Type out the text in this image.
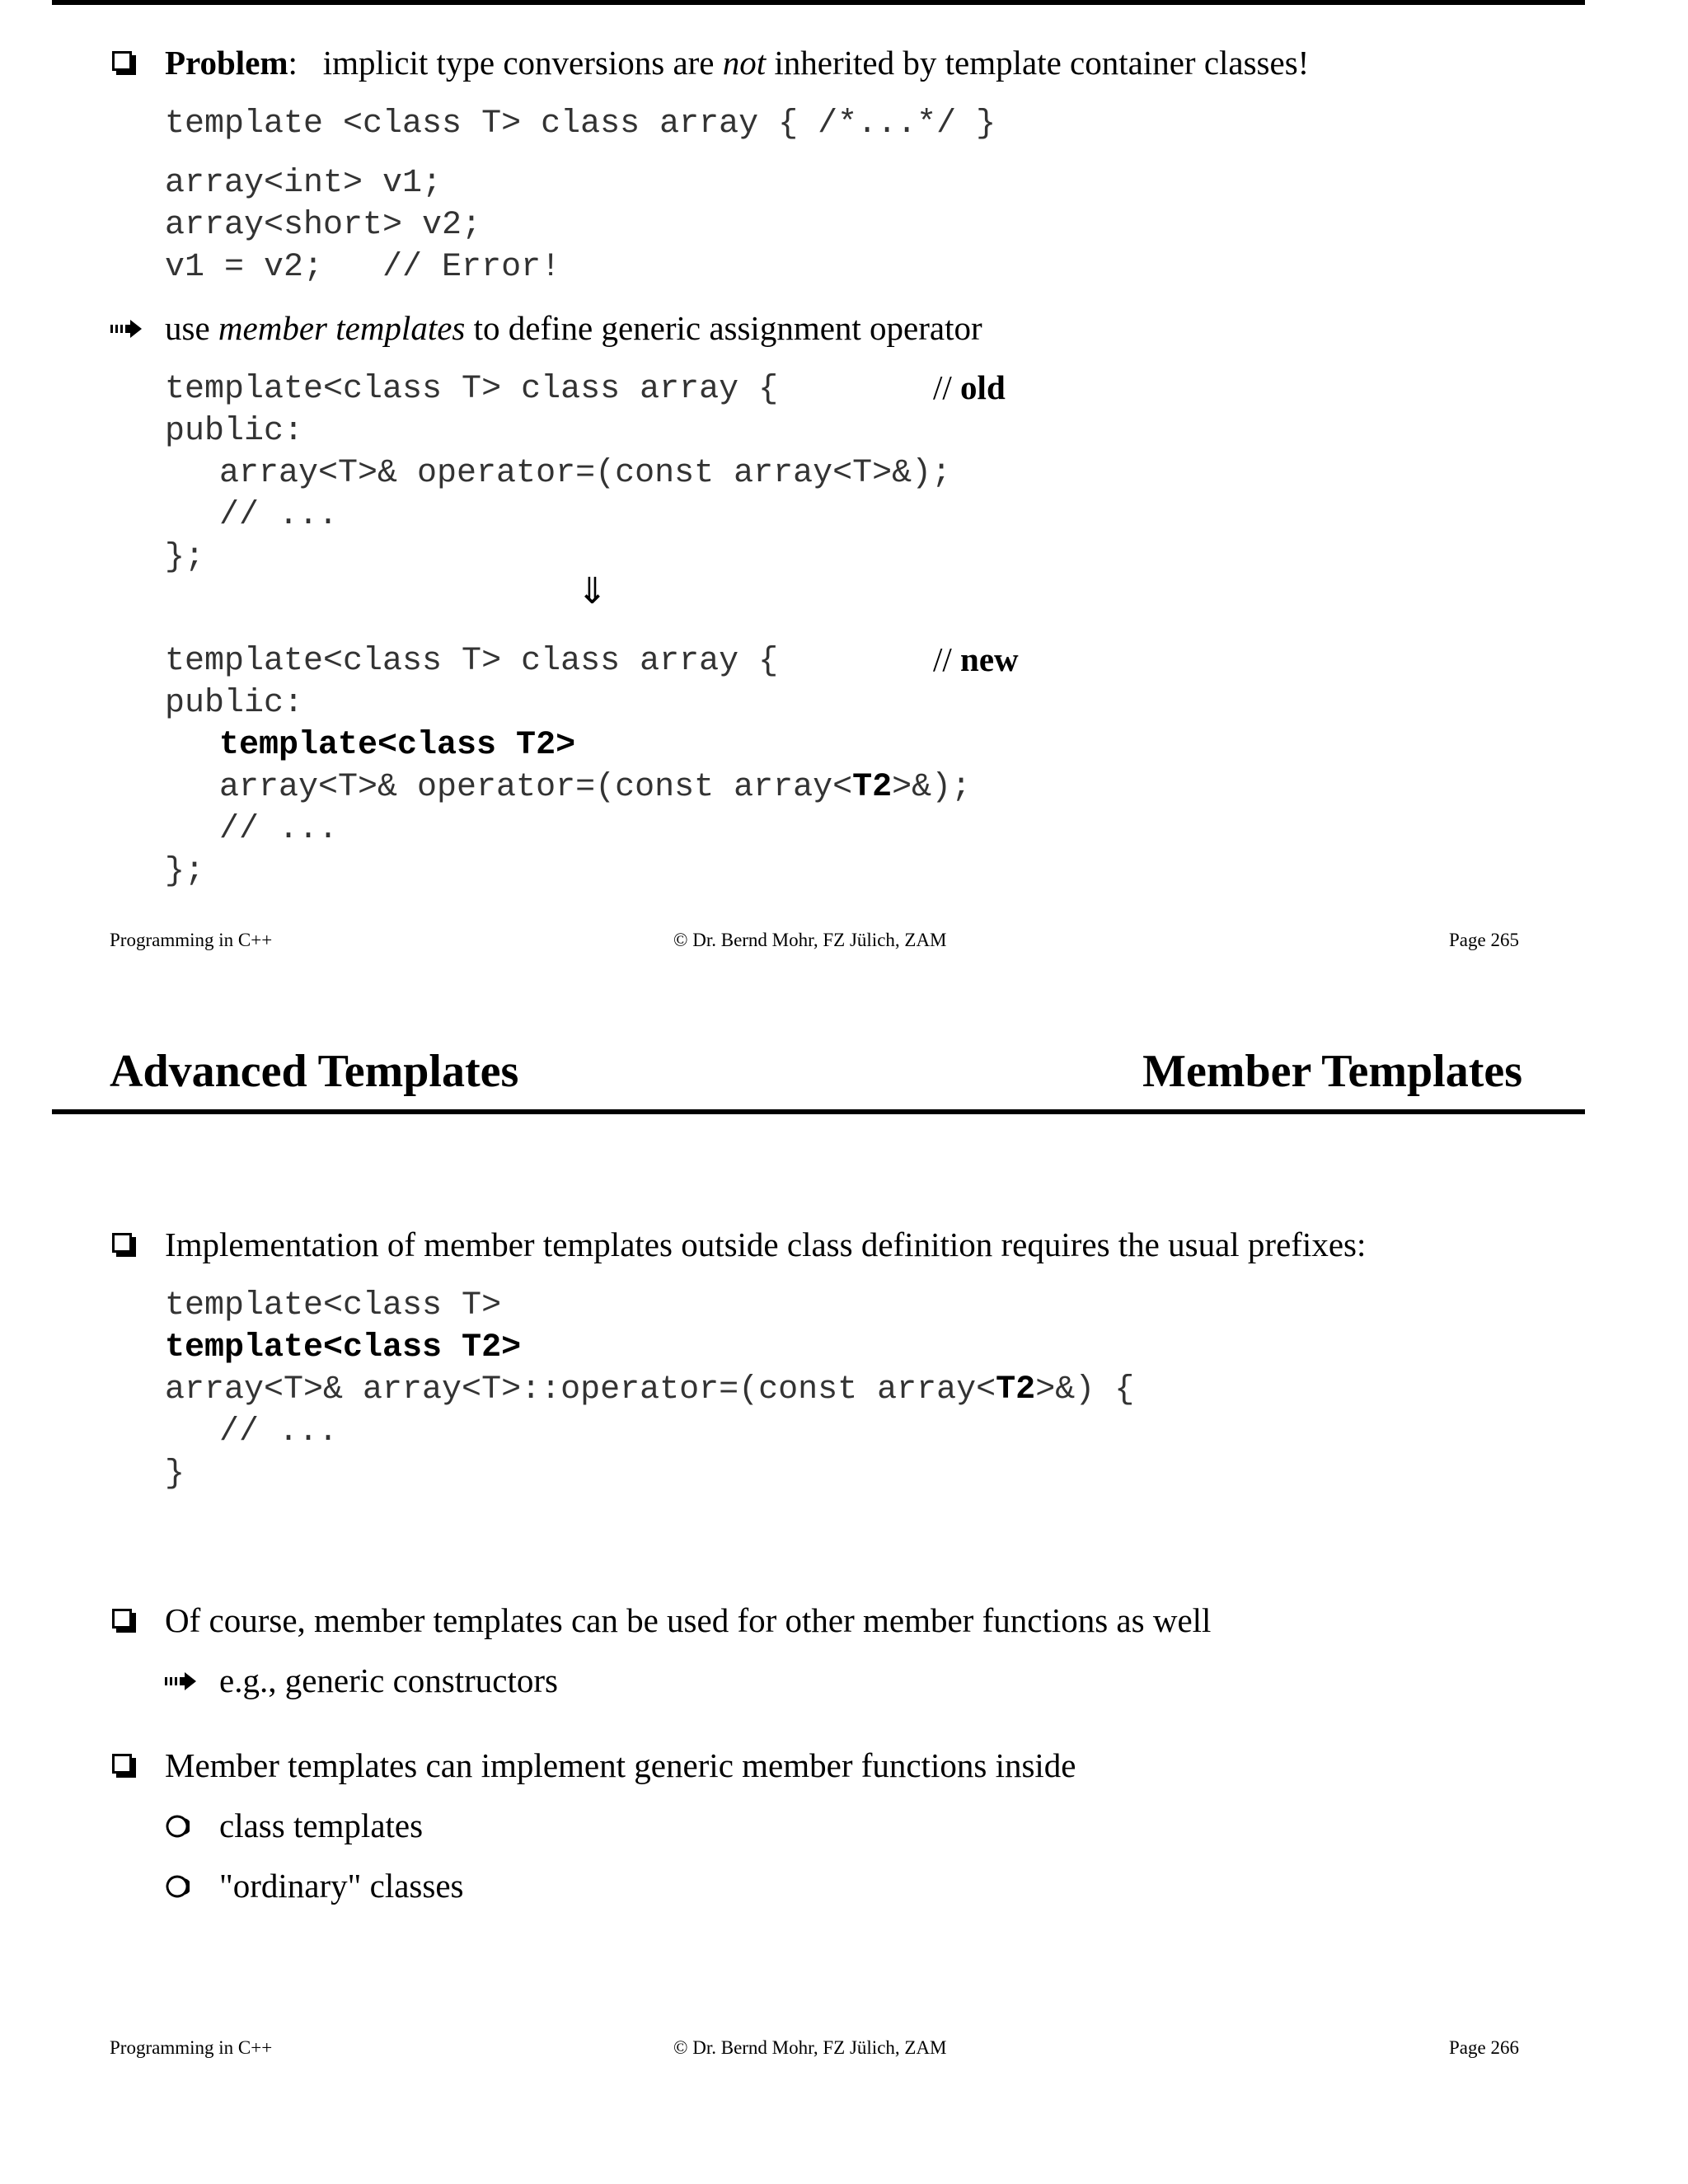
Problem: implicit type conversions are not inherited by template container classes!
template <class T> class array { /*...*/ }
array<int> v1;
array<short> v2;
v1 = v2;   // Error!
use member templates to define generic assignment operator
template<class T> class array {	// old
public:
array<T>& operator=(const array<T>&);
// ...
};
⇓
template<class T> class array {	// new
public:
template<class T2>
array<T>& operator=(const array<T2>&);
// ...
};
Programming in C++	© Dr. Bernd Mohr, FZ Jülich, ZAM	Page 265
Advanced Templates	Member Templates
Implementation of member templates outside class definition requires the usual prefixes:
template<class T>
template<class T2>
array<T>& array<T>::operator=(const array<T2>&) {
// ...
}
Of course, member templates can be used for other member functions as well
e.g., generic constructors
Member templates can implement generic member functions inside
class templates
"ordinary" classes
Programming in C++	© Dr. Bernd Mohr, FZ Jülich, ZAM	Page 266
